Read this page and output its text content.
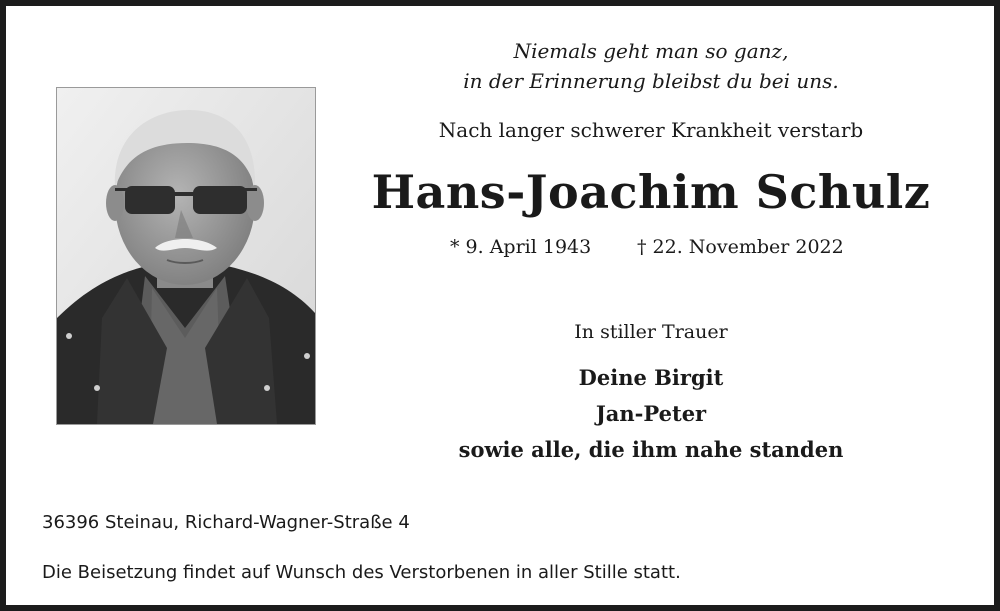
Niemals geht man so ganz,
in der Erinnerung bleibst du bei uns.
Nach langer schwerer Krankheit verstarb
Hans-Joachim Schulz
* 9. April 1943 † 22. November 2022
In stiller Trauer
Deine Birgit
Jan-Peter
sowie alle, die ihm nahe standen
36396 Steinau, Richard-Wagner-Straße 4
Die Beisetzung findet auf Wunsch des Verstorbenen in aller Stille statt.
